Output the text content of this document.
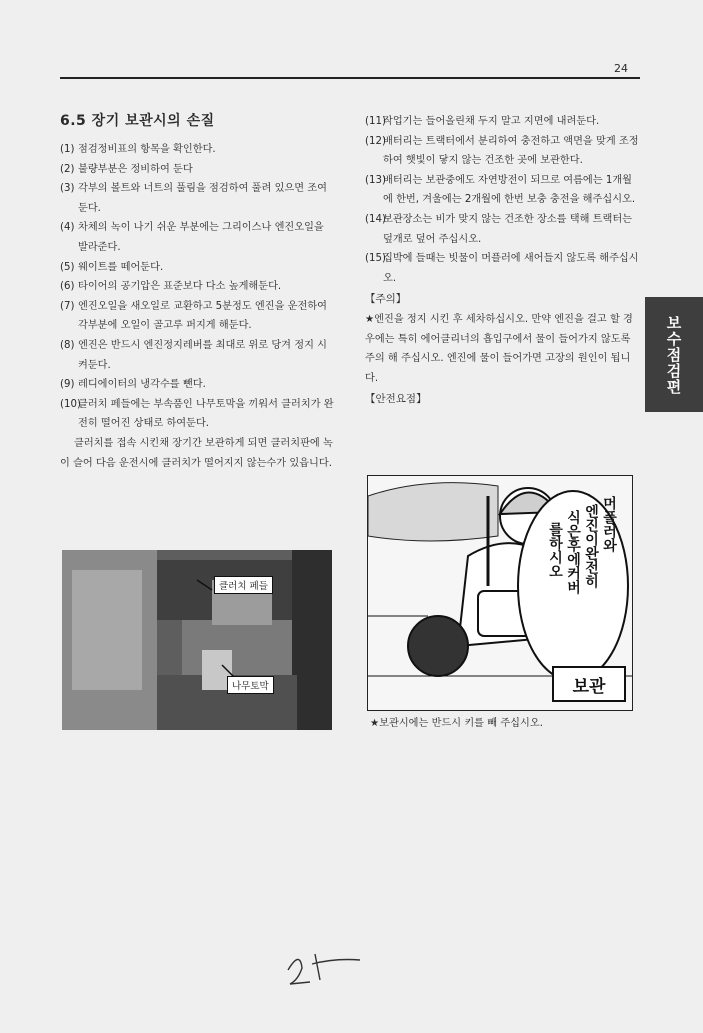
24
보수점검편
6.5 장기 보관시의 손질
(1) 점검정비표의 항목을 확인한다.
(2) 불량부분은 정비하여 둔다
(3) 각부의 볼트와 너트의 풀림을 점검하여 풀려 있으면 조여둔다.
(4) 차체의 녹이 나기 쉬운 부분에는 그리이스나 엔진오일을 발라준다.
(5) 웨이트를 떼어둔다.
(6) 타이어의 공기압은 표준보다 다소 높게해둔다.
(7) 엔진오일을 새오일로 교환하고 5분정도 엔진을 운전하여 각부분에 오일이 골고루 퍼지게 해둔다.
(8) 엔진은 반드시 엔진정지레버를 최대로 위로 당겨 정지 시켜둔다.
(9) 레디에이터의 냉각수를 뺀다.
(10)
클러치 페들에는 부속품인 나무토막을 끼워서 클러치가 완전히 떨어진 상태로 하여둔다.

클러치를 접속 시킨채 장기간 보관하게 되면 클러치판에 녹이 슬어 다음 운전시에 클러치가 떨어지지 않는수가 있읍니다.

클러치 페들
나무토막
(11)
작업기는 들어올린채 두지 말고 지면에 내려둔다.
(12)
배터리는 트랙터에서 분리하여 충전하고 액면을 맞게 조정하여 햇빛이 닿지 않는 건조한 곳에 보관한다.
(13)
배터리는 보관중에도 자연방전이 되므로 여름에는 1개월에 한번, 겨울에는 2개월에 한번 보충 충전을 해주십시오.
(14)
보관장소는 비가 맞지 않는 건조한 장소를 택해 트랙터는 덮개로 덮어 주십시오.
(15)
집박에 들때는 빗물이 머플러에 새어들지 않도록 해주십시오.
【주의】
★엔진을 정지 시킨 후 세차하십시오. 만약 엔진을 걸고 할 경우에는 특히 에어클리너의 흡입구에서 물이 들어가지 않도록 주의 해 주십시오. 엔진에 물이 들어가면 고장의 원인이 됩니다.
【안전요점】
머플러와
엔진이완전히
식은후에커버
를하시오
보관
★보관시에는 반드시 키를 빼 주십시오.
